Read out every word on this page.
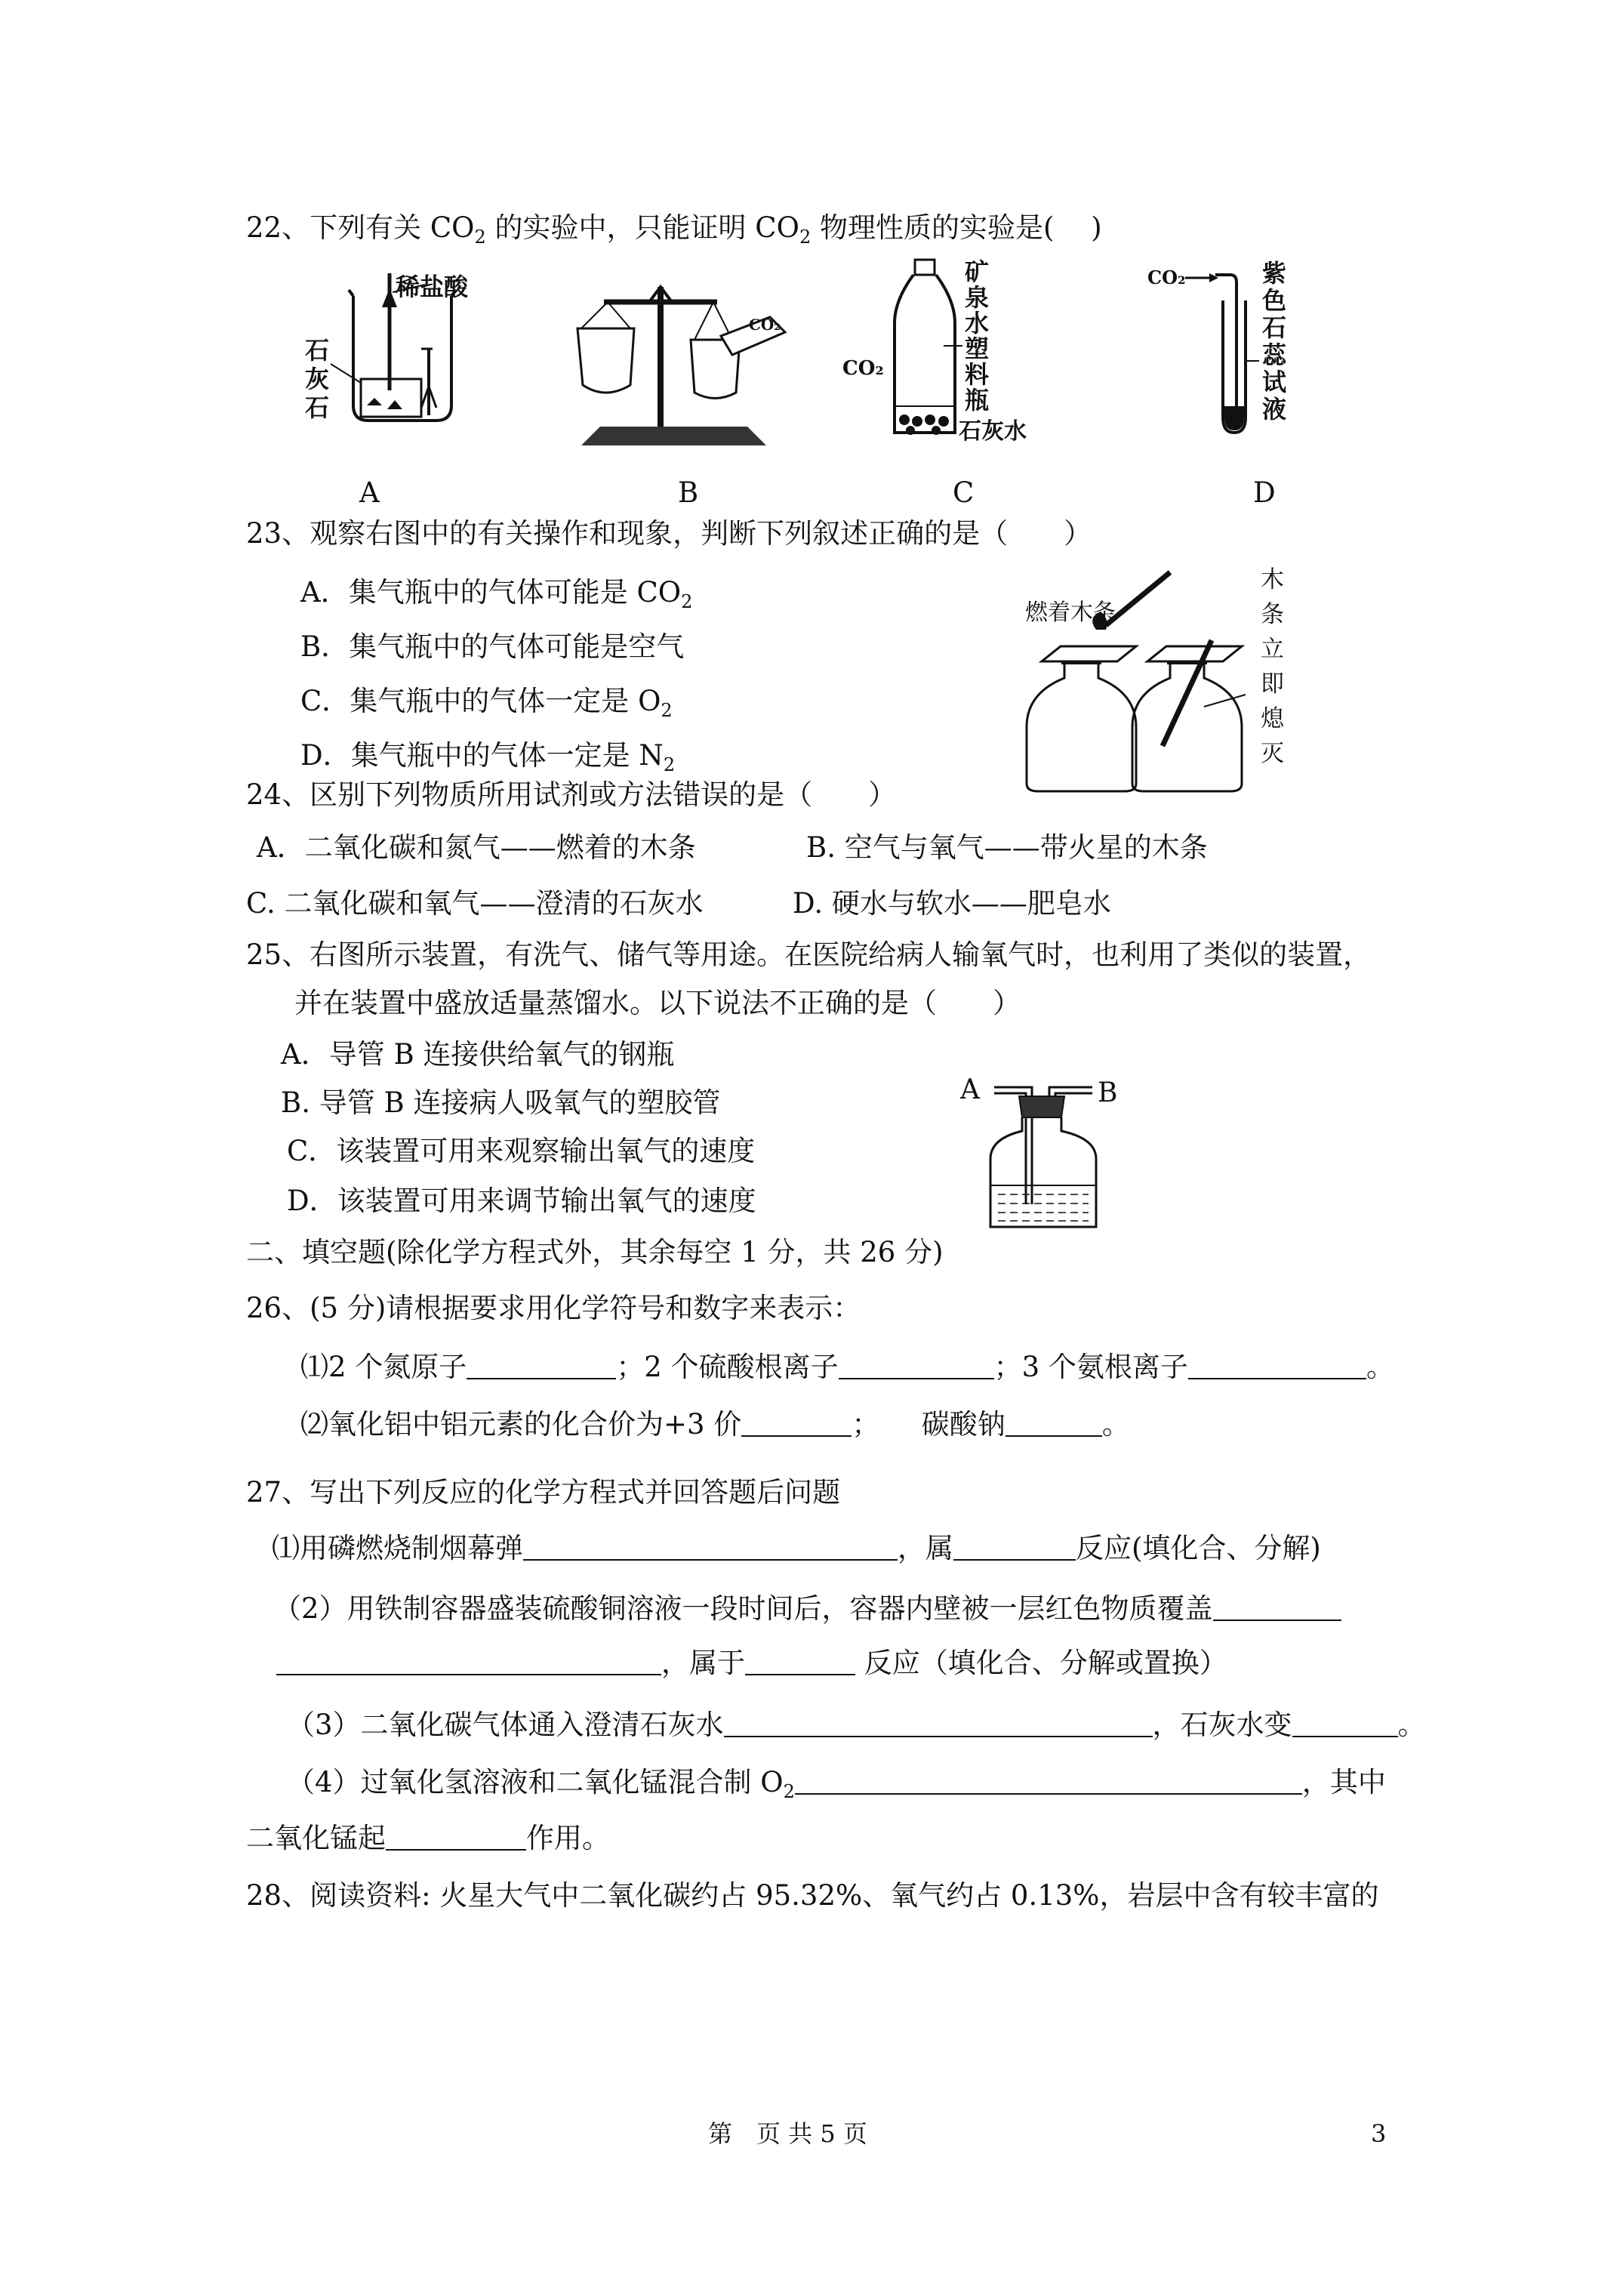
22、下列有关 $CO_2$ 的实验中，只能证明 $CO_2$ 物理性质的实验是(　 )
稀盐酸
石
灰
石
CO₂
矿
泉
水
塑
料
瓶
CO₂
石灰水
CO₂	紫
色
石
蕊
试
液
A	B	C	D
23、观察右图中的有关操作和现象，判断下列叙述正确的是（　　）
A．集气瓶中的气体可能是 $CO_2$
B．集气瓶中的气体可能是空气
C．集气瓶中的气体一定是 $O_2$
D．集气瓶中的气体一定是 $N_2$
燃着木条
木
条
立
即
熄
灭
24、区别下列物质所用试剂或方法错误的是（　　）
A．二氧化碳和氮气——燃着的木条	B. 空气与氧气——带火星的木条
C. 二氧化碳和氧气——澄清的石灰水	D. 硬水与软水——肥皂水
25、右图所示装置，有洗气、储气等用途。在医院给病人输氧气时，也利用了类似的装置，
并在装置中盛放适量蒸馏水。以下说法不正确的是（　　）
A．导管 B 连接供给氧气的钢瓶
B. 导管 B 连接病人吸氧气的塑胶管
C．该装置可用来观察输出氧气的速度
D．该装置可用来调节输出氧气的速度
A	B
二、填空题(除化学方程式外，其余每空 1 分，共 26 分)
26、(5 分)请根据要求用化学符号和数字来表示：
⑴2 个氮原子	；2 个硫酸根离子	；3 个氨根离子	。
⑵氧化铝中铝元素的化合价为+3 价	；　　碳酸钠	。
27、写出下列反应的化学方程式并回答题后问题
⑴用磷燃烧制烟幕弹	，属	反应(填化合、分解)
（2）用铁制容器盛装硫酸铜溶液一段时间后，容器内壁被一层红色物质覆盖
，属于	反应（填化合、分解或置换）
（3）二氧化碳气体通入澄清石灰水	，石灰水变	。
（4）过氧化氢溶液和二氧化锰混合制 $O_2$	，其中
二氧化锰起	作用。
28、阅读资料: 火星大气中二氧化碳约占 95.32%、氧气约占 0.13%，岩层中含有较丰富的
第　页 共 5 页	3
